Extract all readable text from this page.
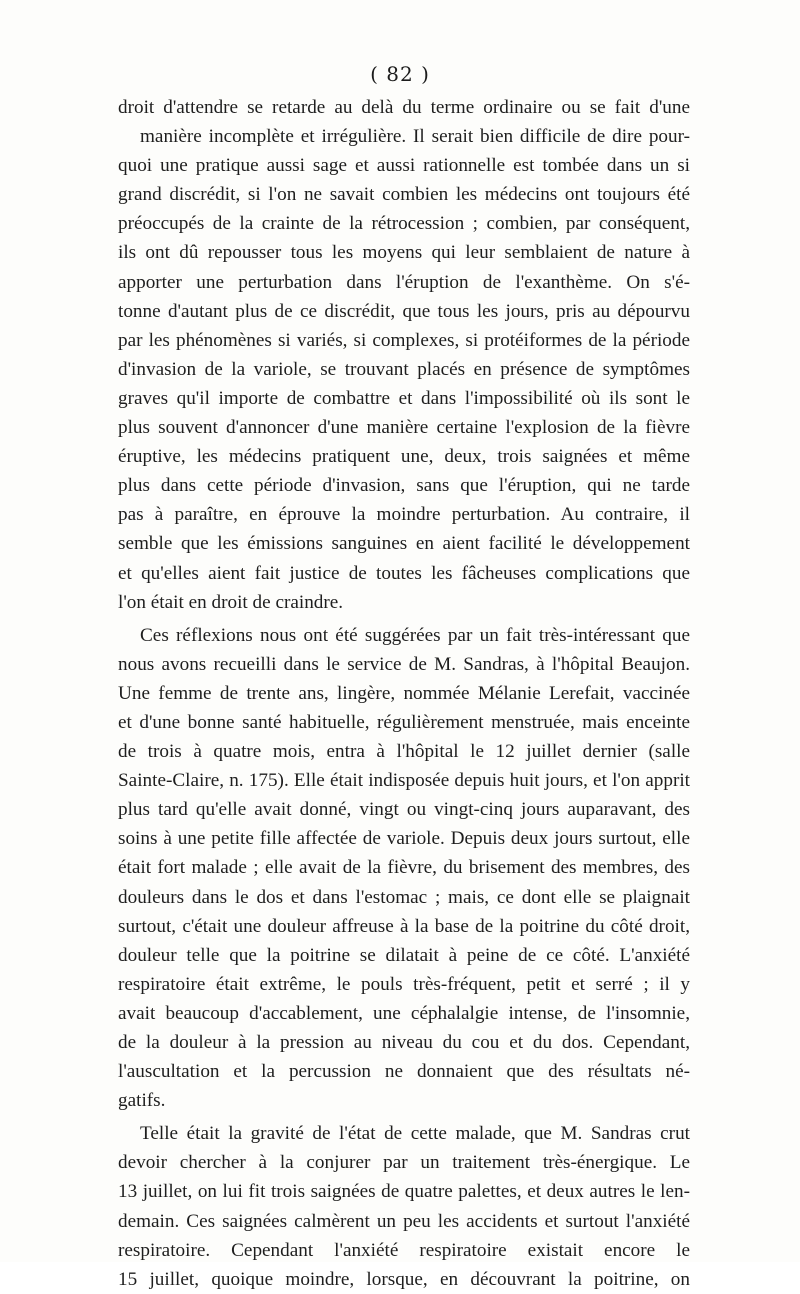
( 82 )
droit d'attendre se retarde au delà du terme ordinaire ou se fait d'une
manière incomplète et irrégulière. Il serait bien difficile de dire pour-
quoi une pratique aussi sage et aussi rationnelle est tombée dans un si
grand discrédit, si l'on ne savait combien les médecins ont toujours été
préoccupés de la crainte de la rétrocession ; combien, par conséquent,
ils ont dû repousser tous les moyens qui leur semblaient de nature à
apporter une perturbation dans l'éruption de l'exanthème. On s'é-
tonne d'autant plus de ce discrédit, que tous les jours, pris au dépourvu
par les phénomènes si variés, si complexes, si protéiformes de la période
d'invasion de la variole, se trouvant placés en présence de symptômes
graves qu'il importe de combattre et dans l'impossibilité où ils sont le
plus souvent d'annoncer d'une manière certaine l'explosion de la fièvre
éruptive, les médecins pratiquent une, deux, trois saignées et même
plus dans cette période d'invasion, sans que l'éruption, qui ne tarde
pas à paraître, en éprouve la moindre perturbation. Au contraire, il
semble que les émissions sanguines en aient facilité le développement
et qu'elles aient fait justice de toutes les fâcheuses complications que
l'on était en droit de craindre.
Ces réflexions nous ont été suggérées par un fait très-intéressant que
nous avons recueilli dans le service de M. Sandras, à l'hôpital Beaujon.
Une femme de trente ans, lingère, nommée Mélanie Lerefait, vaccinée
et d'une bonne santé habituelle, régulièrement menstruée, mais enceinte
de trois à quatre mois, entra à l'hôpital le 12 juillet dernier (salle
Sainte-Claire, n. 175). Elle était indisposée depuis huit jours, et l'on apprit
plus tard qu'elle avait donné, vingt ou vingt-cinq jours auparavant, des
soins à une petite fille affectée de variole. Depuis deux jours surtout, elle
était fort malade ; elle avait de la fièvre, du brisement des membres, des
douleurs dans le dos et dans l'estomac ; mais, ce dont elle se plaignait
surtout, c'était une douleur affreuse à la base de la poitrine du côté droit,
douleur telle que la poitrine se dilatait à peine de ce côté. L'anxiété
respiratoire était extrême, le pouls très-fréquent, petit et serré ; il y
avait beaucoup d'accablement, une céphalalgie intense, de l'insomnie,
de la douleur à la pression au niveau du cou et du dos. Cependant,
l'auscultation et la percussion ne donnaient que des résultats né-
gatifs.
Telle était la gravité de l'état de cette malade, que M. Sandras crut
devoir chercher à la conjurer par un traitement très-énergique. Le
13 juillet, on lui fit trois saignées de quatre palettes, et deux autres le len-
demain. Ces saignées calmèrent un peu les accidents et surtout l'anxiété
respiratoire. Cependant l'anxiété respiratoire existait encore le
15 juillet, quoique moindre, lorsque, en découvrant la poitrine, on
